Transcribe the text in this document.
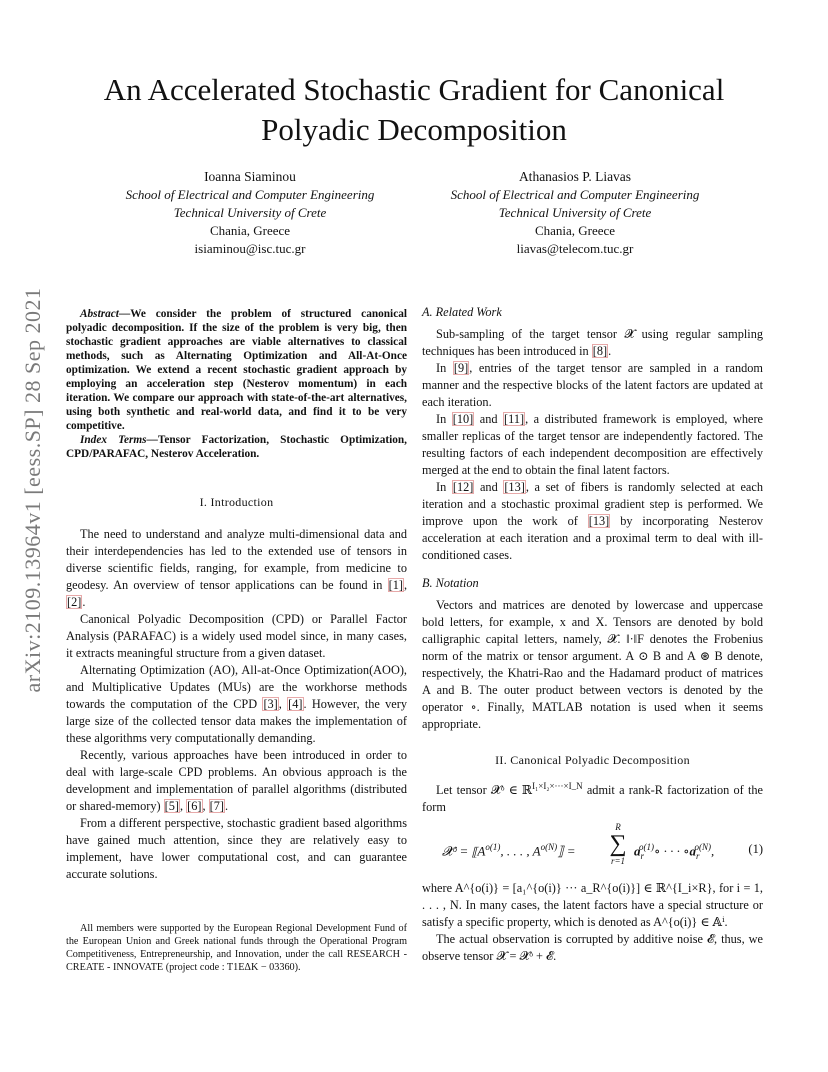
An Accelerated Stochastic Gradient for Canonical
Polyadic Decomposition
Ioanna Siaminou
School of Electrical and Computer Engineering
Technical University of Crete
Chania, Greece
isiaminou@isc.tuc.gr
Athanasios P. Liavas
School of Electrical and Computer Engineering
Technical University of Crete
Chania, Greece
liavas@telecom.tuc.gr
arXiv:2109.13964v1 [eess.SP] 28 Sep 2021	Abstract—We consider the problem of structured canonical polyadic decomposition. If the size of the problem is very big, then stochastic gradient approaches are viable alternatives to classical methods, such as Alternating Optimization and All-At-Once optimization. We extend a recent stochastic gradient approach by employing an acceleration step (Nesterov momentum) in each iteration. We compare our approach with state-of-the-art alternatives, using both synthetic and real-world data, and find it to be very competitive.
Index Terms—Tensor Factorization, Stochastic Optimization, CPD/PARAFAC, Nesterov Acceleration.
I. Introduction

The need to understand and analyze multi-dimensional data and their interdependencies has led to the extended use of tensors in diverse scientific fields, ranging, for example, from medicine to geodesy. An overview of tensor applications can be found in [1], [2].

Canonical Polyadic Decomposition (CPD) or Parallel Factor Analysis (PARAFAC) is a widely used model since, in many cases, it extracts meaningful structure from a given dataset.

Alternating Optimization (AO), All-at-Once Optimization(AOO), and Multiplicative Updates (MUs) are the workhorse methods towards the computation of the CPD [3], [4]. However, the very large size of the collected tensor data makes the implementation of these algorithms very computationally demanding.

Recently, various approaches have been introduced in order to deal with large-scale CPD problems. An obvious approach is the development and implementation of parallel algorithms (distributed or shared-memory) [5], [6], [7].

From a different perspective, stochastic gradient based algorithms have gained much attention, since they are relatively easy to implement, have lower computational cost, and can guarantee accurate solutions.

All members were supported by the European Regional Development Fund of the European Union and Greek national funds through the Operational Program Competitiveness, Entrepreneurship, and Innovation, under the call RESEARCH - CREATE - INNOVATE (project code : T1EΔK − 03360).
A. Related Work

Sub-sampling of the target tensor 𝓧 using regular sampling techniques has been introduced in [8].

In [9], entries of the target tensor are sampled in a random manner and the respective blocks of the latent factors are updated at each iteration.

In [10] and [11], a distributed framework is employed, where smaller replicas of the target tensor are independently factored. The resulting factors of each independent decomposition are effectively merged at the end to obtain the final latent factors.

In [12] and [13], a set of fibers is randomly selected at each iteration and a stochastic proximal gradient step is performed. We improve upon the work of [13] by incorporating Nesterov acceleration at each iteration and a proximal term to deal with ill-conditioned cases.

B. Notation

Vectors and matrices are denoted by lowercase and uppercase bold letters, for example, x and X. Tensors are denoted by bold calligraphic capital letters, namely, 𝓧. ‖·‖F denotes the Frobenius norm of the matrix or tensor argument. A ⊙ B and A ⊛ B denote, respectively, the Khatri-Rao and the Hadamard product of matrices A and B. The outer product between vectors is denoted by the operator ∘. Finally, MATLAB notation is used when it seems appropriate.

II. Canonical Polyadic Decomposition

Let tensor 𝓧ᵒ ∈ ℝ$^{I_1\times I_2\times\cdot\cdot\cdot\times I\_N}$ admit a rank-R factorization of the form

𝓧ᵒ = $⟦A^{o(1)}$, . . . , $A^{o(N)}⟧$ =
R
∑
r=1
$a_r^{o(1)}\circ$ · · · $\circ a_r^{o(N)}$,	(1)

where A^{o(i)} = [a₁^{o(i)} ··· a_R^{o(i)}] ∈ ℝ^{I_i×R}, for i = 1, . . . , N. In many cases, the latent factors have a special structure or satisfy a specific property, which is denoted as A^{o(i)} ∈ 𝔸ⁱ.

The actual observation is corrupted by additive noise 𝓔, thus, we observe tensor 𝓧 = 𝓧ᵒ + 𝓔.
